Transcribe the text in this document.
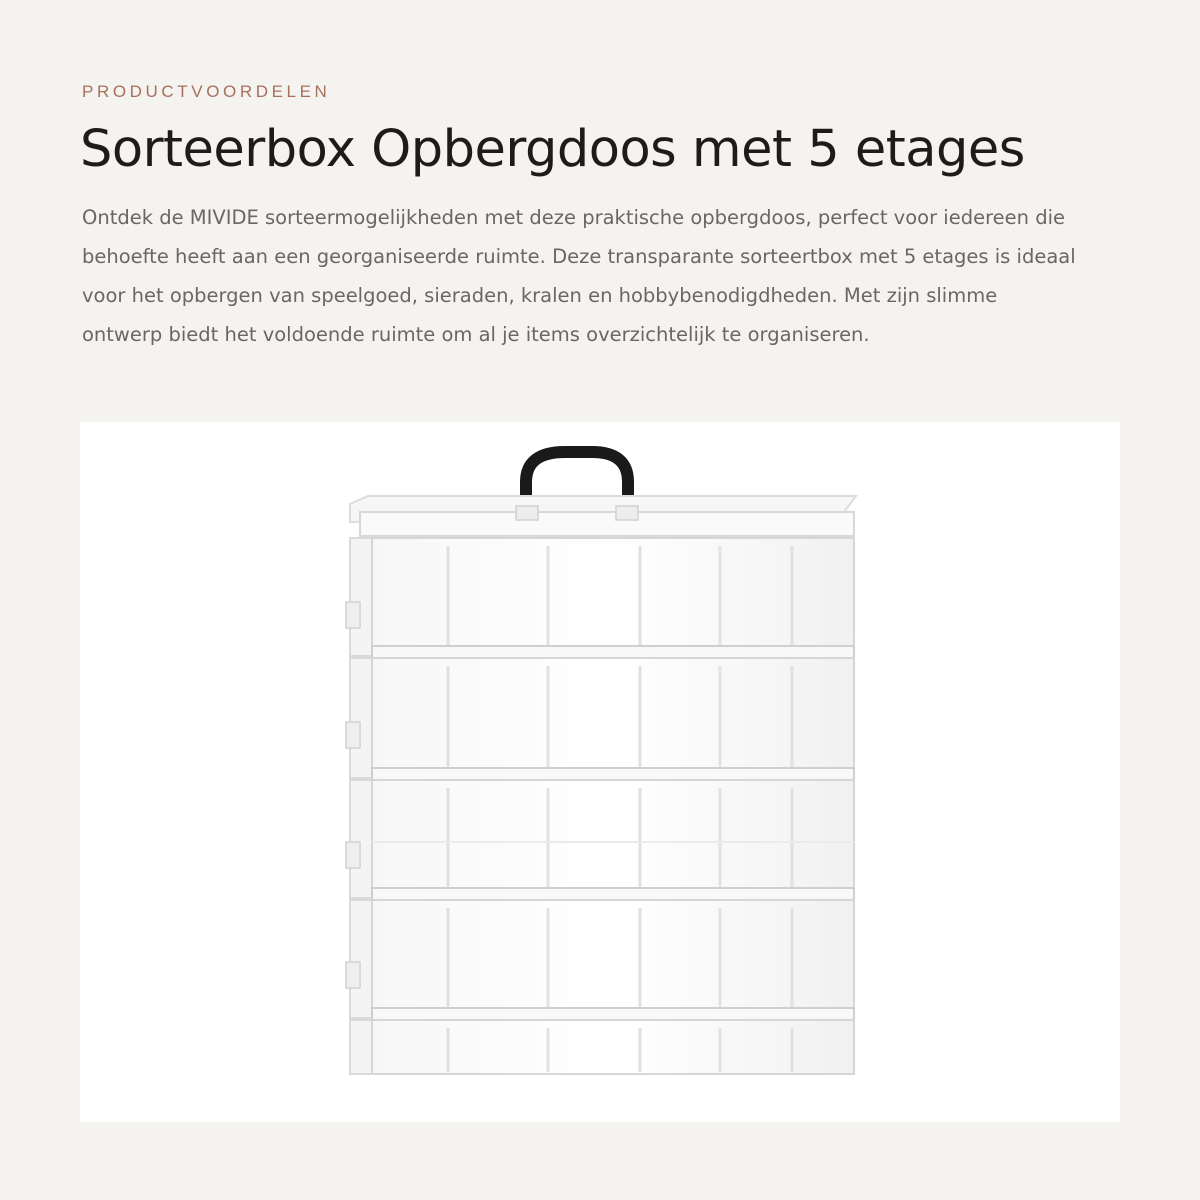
PRODUCTVOORDELEN
Sorteerbox Opbergdoos met 5 etages

Ontdek de MIVIDE sorteermogelijkheden met deze praktische opbergdoos, perfect voor iedereen die behoefte heeft aan een georganiseerde ruimte. Deze transparante sorteertbox met 5 etages is ideaal voor het opbergen van speelgoed, sieraden, kralen en hobbybenodigdheden. Met zijn slimme ontwerp biedt het voldoende ruimte om al je items overzichtelijk te organiseren.
